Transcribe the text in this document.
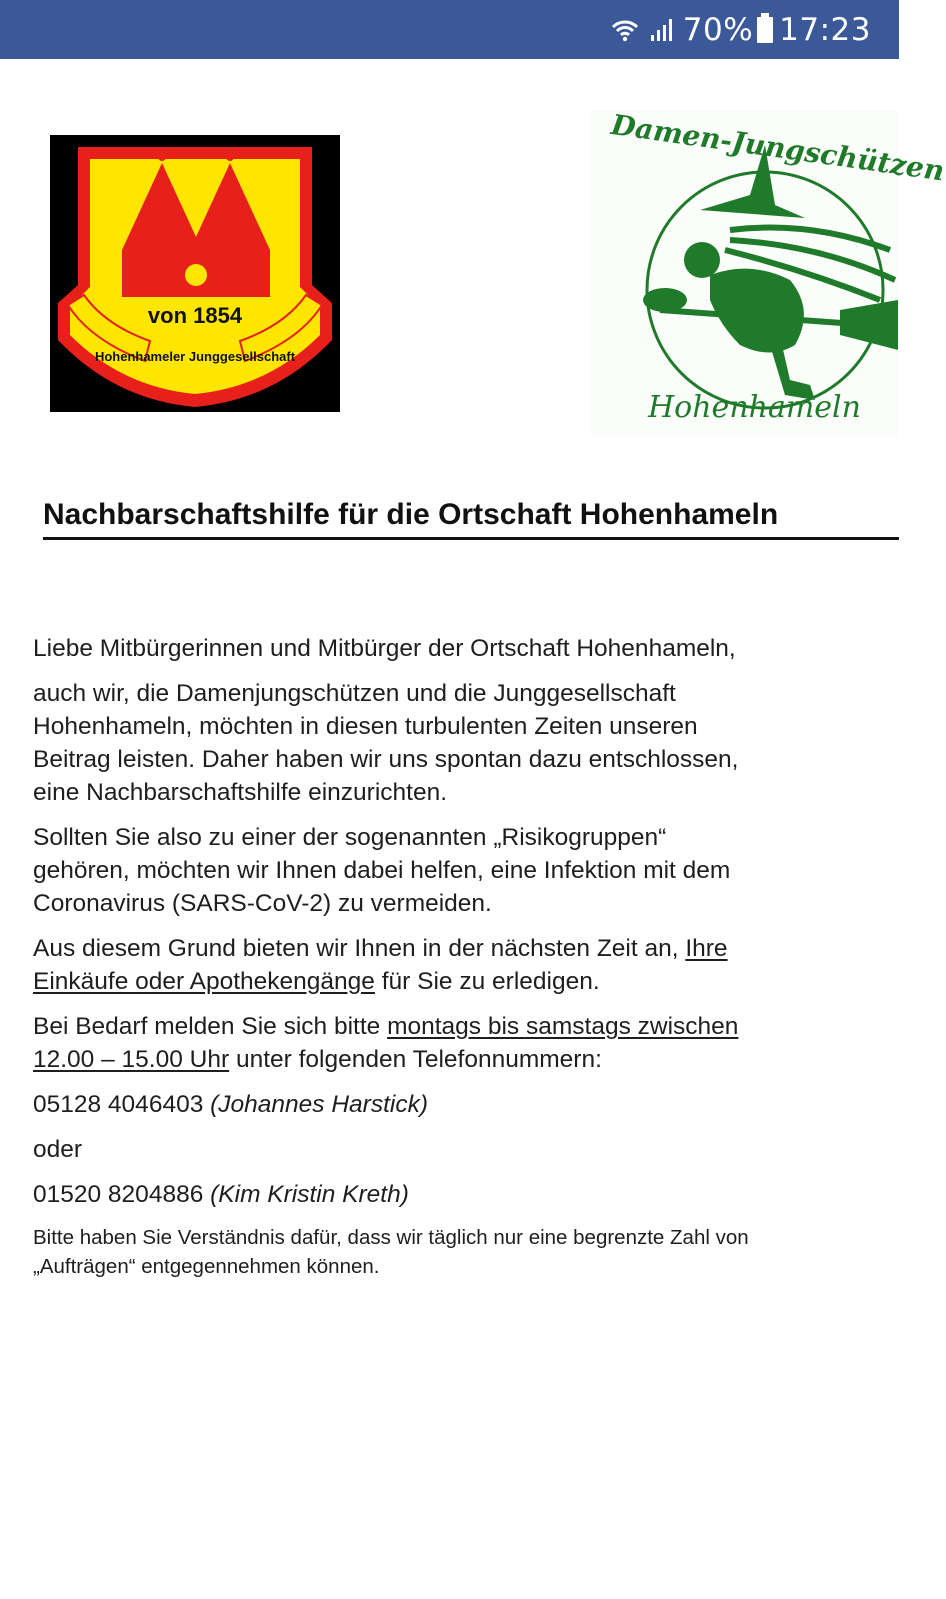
70% 17:23
von 1854
Hohenhameler Junggesellschaft
Damen-Jungschützen
Hohenhameln
Nachbarschaftshilfe für die Ortschaft Hohenhameln

Liebe Mitbürgerinnen und Mitbürger der Ortschaft Hohenhameln,

auch wir, die Damenjungschützen und die Junggesellschaft
Hohenhameln, möchten in diesen turbulenten Zeiten unseren
Beitrag leisten. Daher haben wir uns spontan dazu entschlossen,
eine Nachbarschaftshilfe einzurichten.

Sollten Sie also zu einer der sogenannten „Risikogruppen“
gehören, möchten wir Ihnen dabei helfen, eine Infektion mit dem
Coronavirus (SARS-CoV-2) zu vermeiden.

Aus diesem Grund bieten wir Ihnen in der nächsten Zeit an, Ihre
Einkäufe oder Apothekengänge für Sie zu erledigen.

Bei Bedarf melden Sie sich bitte montags bis samstags zwischen
12.00 – 15.00 Uhr unter folgenden Telefonnummern:

05128 4046403 (Johannes Harstick)

oder

01520 8204886 (Kim Kristin Kreth)

Bitte haben Sie Verständnis dafür, dass wir täglich nur eine begrenzte Zahl von
„Aufträgen“ entgegennehmen können.
